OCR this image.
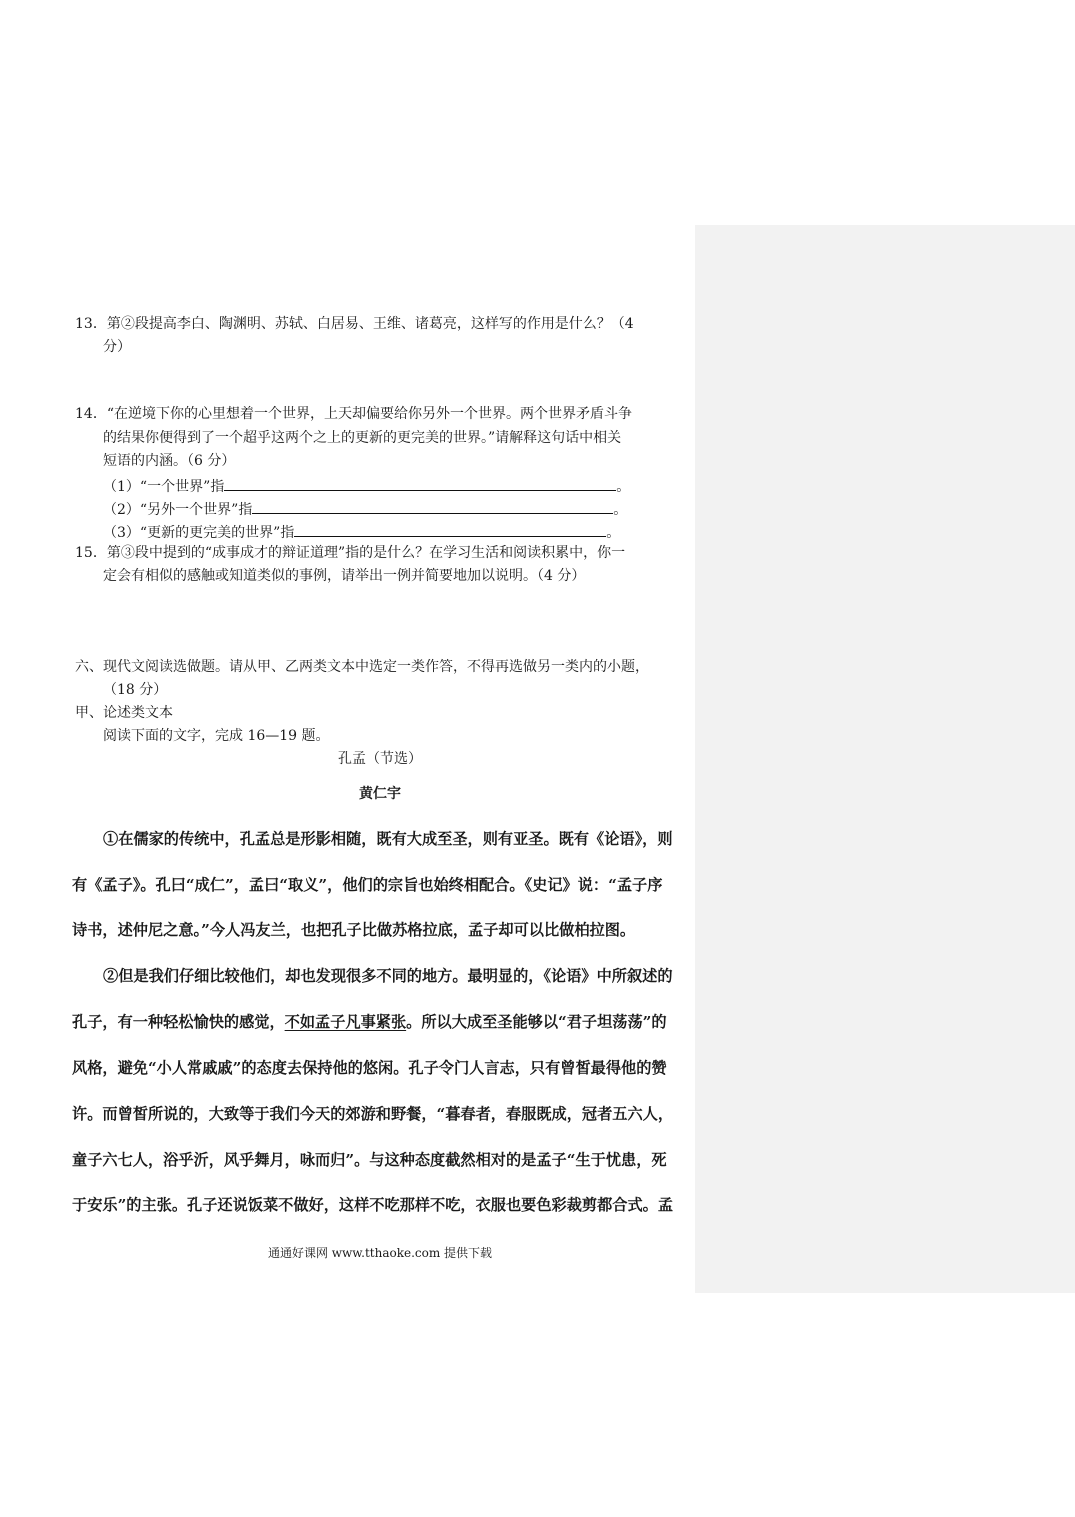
13．第②段提高李白、陶渊明、苏轼、白居易、王维、诸葛亮，这样写的作用是什么？（4
分）
14．“在逆境下你的心里想着一个世界，上天却偏要给你另外一个世界。两个世界矛盾斗争
的结果你便得到了一个超乎这两个之上的更新的更完美的世界。”请解释这句话中相关
短语的内涵。（6 分）
（1）“一个世界”指	。
（2）“另外一个世界”指	。
（3）“更新的更完美的世界”指	。
15．第③段中提到的“成事成才的辩证道理”指的是什么？在学习生活和阅读积累中，你一
定会有相似的感触或知道类似的事例，请举出一例并简要地加以说明。（4 分）
六、现代文阅读选做题。请从甲、乙两类文本中选定一类作答，不得再选做另一类内的小题，
（18 分）
甲、论述类文本
阅读下面的文字，完成 16—19 题。
孔孟（节选）
黄仁宇
①在儒家的传统中，孔孟总是形影相随，既有大成至圣，则有亚圣。既有《论语》，则
有《孟子》。孔曰“成仁”，孟曰“取义”，他们的宗旨也始终相配合。《史记》说：“孟子序
诗书，述仲尼之意。”今人冯友兰，也把孔子比做苏格拉底，孟子却可以比做柏拉图。
②但是我们仔细比较他们，却也发现很多不同的地方。最明显的，《论语》中所叙述的
孔子，有一种轻松愉快的感觉，不如孟子凡事紧张。所以大成至圣能够以“君子坦荡荡”的
风格，避免“小人常戚戚”的态度去保持他的悠闲。孔子令门人言志，只有曾皙最得他的赞
许。而曾皙所说的，大致等于我们今天的郊游和野餐，“暮春者，春服既成，冠者五六人，
童子六七人，浴乎沂，风乎舞月，咏而归”。与这种态度截然相对的是孟子“生于忧患，死
于安乐”的主张。孔子还说饭菜不做好，这样不吃那样不吃，衣服也要色彩裁剪都合式。孟
通通好课网 www.tthaoke.com 提供下载
